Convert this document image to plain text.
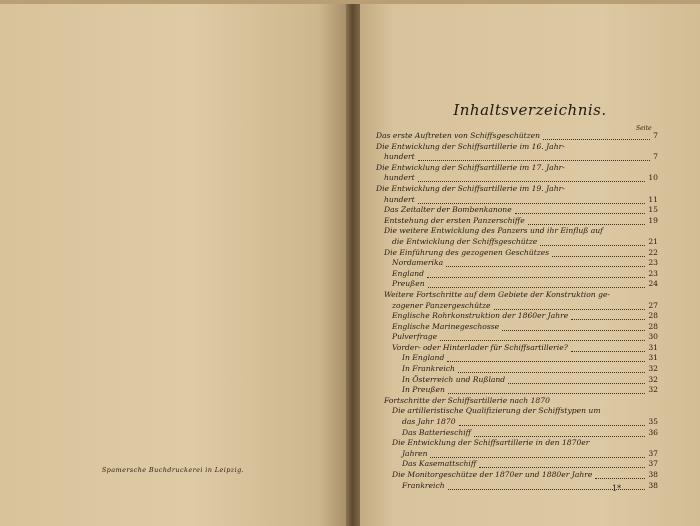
Spamersche Buchdruckerei in Leipzig.
Inhaltsverzeichnis.
Seite
Das erste Auftreten von Schiffsgeschützen	7
Die Entwicklung der Schiffsartillerie im 16. Jahr-
hundert	7
Die Entwicklung der Schiffsartillerie im 17. Jahr-
hundert	10
Die Entwicklung der Schiffsartillerie im 19. Jahr-
hundert	11
Das Zeitalter der Bombenkanone	15
Entstehung der ersten Panzerschiffe	19
Die weitere Entwicklung des Panzers und ihr Einfluß auf
die Entwicklung der Schiffsgeschütze	21
Die Einführung des gezogenen Geschützes	22
Nordamerika	23
England	23
Preußen	24
Weitere Fortschritte auf dem Gebiete der Konstruktion ge-
zogener Panzergeschütze	27
Englische Rohrkonstruktion der 1860er Jahre	28
Englische Marinegeschosse	28
Pulverfrage	30
Vorder- oder Hinterlader für Schiffsartillerie?	31
In England	31
In Frankreich	32
In Österreich und Rußland	32
In Preußen	32
Fortschritte der Schiffsartillerie nach 1870
Die artilleristische Qualifizierung der Schiffstypen um
das Jahr 1870	35
Das Batterieschiff	36
Die Entwicklung der Schiffsartillerie in den 1870er
Jahren	37
Das Kasemattschiff	37
Die Monitorgeschütze der 1870er und 1880er Jahre	38
Frankreich	38
1*
